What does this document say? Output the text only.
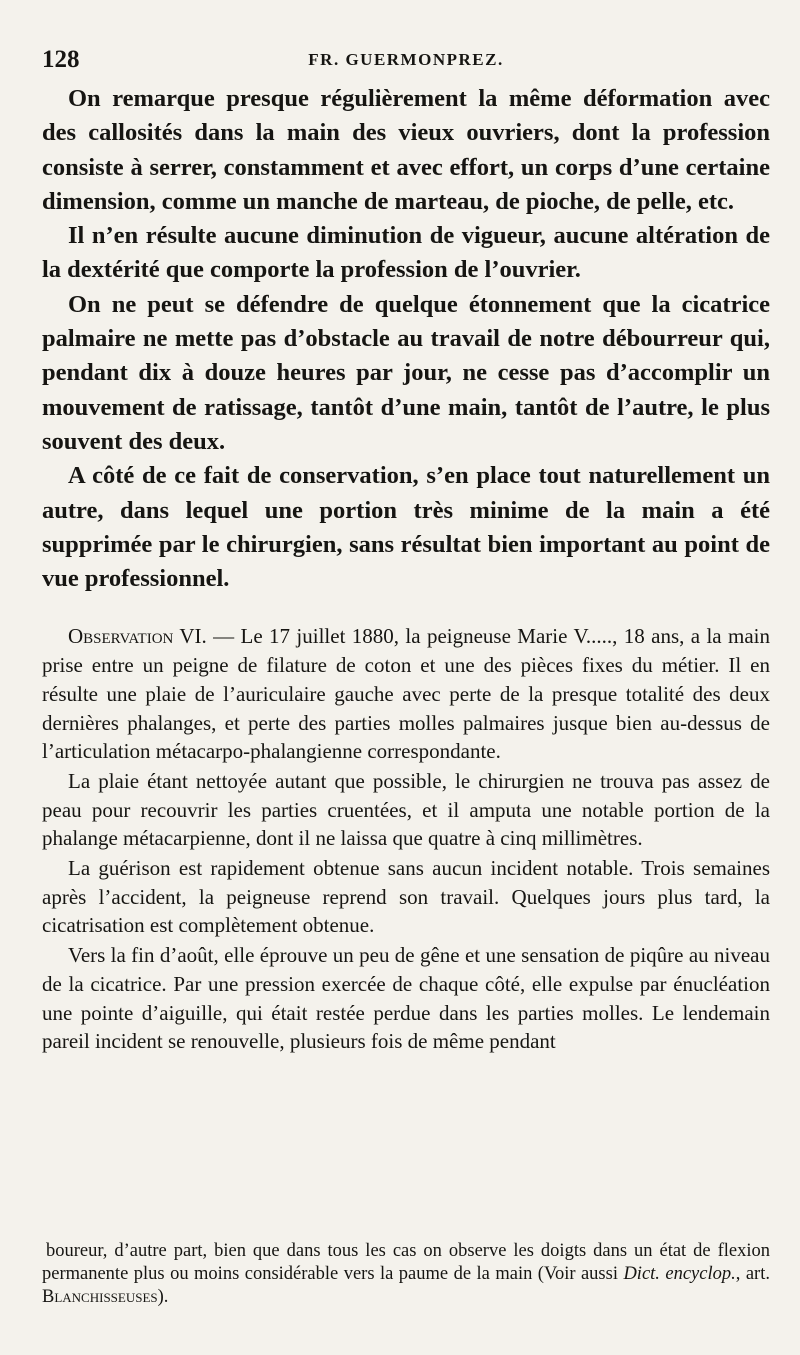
128	FR. GUERMONPREZ.

On remarque presque régulièrement la même déformation avec des callosités dans la main des vieux ouvriers, dont la profession consiste à serrer, constamment et avec effort, un corps d’une certaine dimension, comme un manche de marteau, de pioche, de pelle, etc.

Il n’en résulte aucune diminution de vigueur, aucune altération de la dextérité que comporte la profession de l’ouvrier.

On ne peut se défendre de quelque étonnement que la cicatrice palmaire ne mette pas d’obstacle au travail de notre débourreur qui, pendant dix à douze heures par jour, ne cesse pas d’accomplir un mouvement de ratissage, tantôt d’une main, tantôt de l’autre, le plus souvent des deux.

A côté de ce fait de conservation, s’en place tout naturellement un autre, dans lequel une portion très minime de la main a été supprimée par le chirurgien, sans résultat bien important au point de vue professionnel.

Observation VI. — Le 17 juillet 1880, la peigneuse Marie V....., 18 ans, a la main prise entre un peigne de filature de coton et une des pièces fixes du métier. Il en résulte une plaie de l’auriculaire gauche avec perte de la presque totalité des deux dernières phalanges, et perte des parties molles palmaires jusque bien au-dessus de l’articulation métacarpo-phalangienne correspondante.

La plaie étant nettoyée autant que possible, le chirurgien ne trouva pas assez de peau pour recouvrir les parties cruentées, et il amputa une notable portion de la phalange métacarpienne, dont il ne laissa que quatre à cinq millimètres.

La guérison est rapidement obtenue sans aucun incident notable. Trois semaines après l’accident, la peigneuse reprend son travail. Quelques jours plus tard, la cicatrisation est complètement obtenue.

Vers la fin d’août, elle éprouve un peu de gêne et une sensation de piqûre au niveau de la cicatrice. Par une pression exercée de chaque côté, elle expulse par énucléation une pointe d’aiguille, qui était restée perdue dans les parties molles. Le lendemain pareil incident se renouvelle, plusieurs fois de même pendant

boureur, d’autre part, bien que dans tous les cas on observe les doigts dans un état de flexion permanente plus ou moins considérable vers la paume de la main (Voir aussi Dict. encyclop., art. Blanchisseuses).
